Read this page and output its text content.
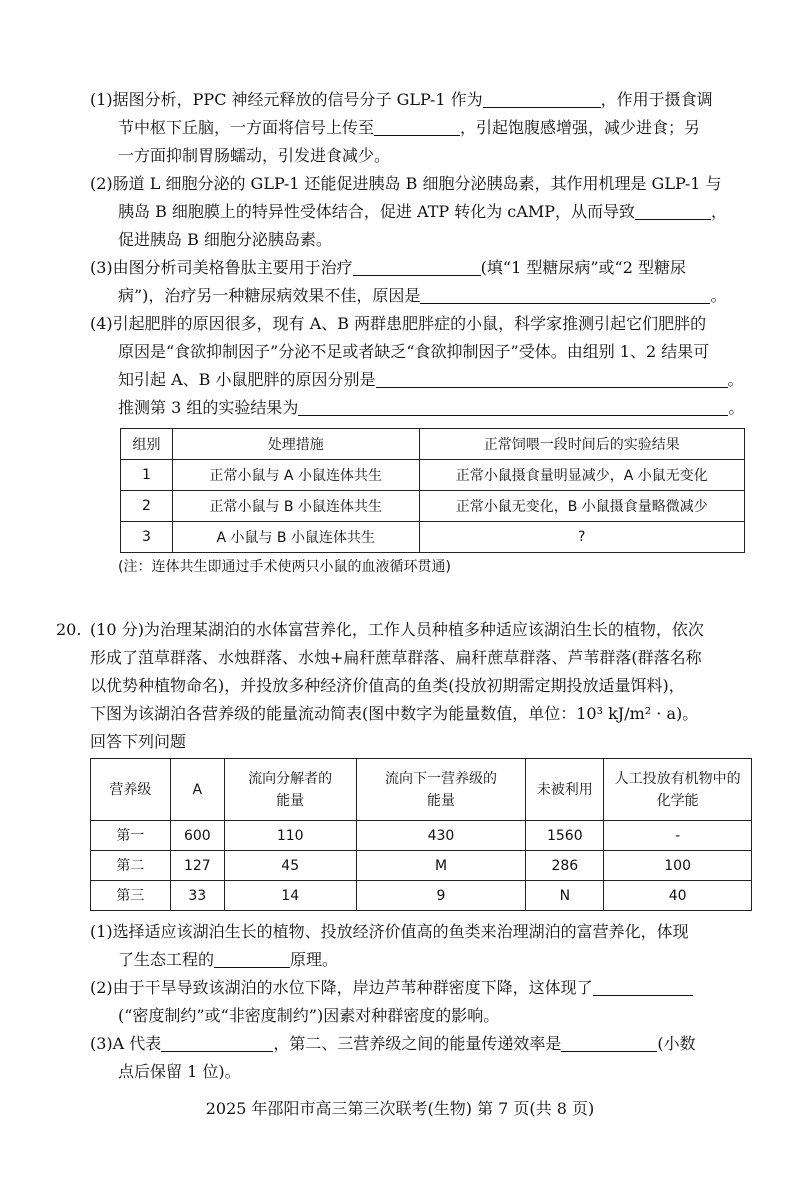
(1)据图分析，PPC 神经元释放的信号分子 GLP-1 作为	，作用于摄食调
节中枢下丘脑，一方面将信号上传至	，引起饱腹感增强，减少进食；另
一方面抑制胃肠蠕动，引发进食减少。
(2)肠道 L 细胞分泌的 GLP-1 还能促进胰岛 B 细胞分泌胰岛素，其作用机理是 GLP-1 与
胰岛 B 细胞膜上的特异性受体结合，促进 ATP 转化为 cAMP，从而导致	，
促进胰岛 B 细胞分泌胰岛素。
(3)由图分析司美格鲁肽主要用于治疗	(填“1 型糖尿病”或“2 型糖尿
病”)，治疗另一种糖尿病效果不佳，原因是	。
(4)引起肥胖的原因很多，现有 A、B 两群患肥胖症的小鼠，科学家推测引起它们肥胖的
原因是“食欲抑制因子”分泌不足或者缺乏“食欲抑制因子”受体。由组别 1、2 结果可
知引起 A、B 小鼠肥胖的原因分别是	。
推测第 3 组的实验结果为	。
组别	处理措施	正常饲喂一段时间后的实验结果
1	正常小鼠与 A 小鼠连体共生	正常小鼠摄食量明显减少，A 小鼠无变化
2	正常小鼠与 B 小鼠连体共生	正常小鼠无变化，B 小鼠摄食量略微减少
3	A 小鼠与 B 小鼠连体共生	?
(注：连体共生即通过手术使两只小鼠的血液循环贯通)
20. (10 分)为治理某湖泊的水体富营养化，工作人员种植多种适应该湖泊生长的植物，依次
形成了菹草群落、水烛群落、水烛+扁秆蔗草群落、扁秆蔗草群落、芦苇群落(群落名称
以优势种植物命名)，并投放多种经济价值高的鱼类(投放初期需定期投放适量饵料)，
下图为该湖泊各营养级的能量流动简表(图中数字为能量数值，单位：10³ kJ/m² · a)。
回答下列问题
营养级	A	流向分解者的能量	流向下一营养级的能量	未被利用	人工投放有机物中的化学能
第一	600	110	430	1560	-
第二	127	45	M	286	100
第三	33	14	9	N	40
(1)选择适应该湖泊生长的植物、投放经济价值高的鱼类来治理湖泊的富营养化，体现
了生态工程的	原理。
(2)由于干旱导致该湖泊的水位下降，岸边芦苇种群密度下降，这体现了
(“密度制约”或“非密度制约”)因素对种群密度的影响。
(3)A 代表	，第二、三营养级之间的能量传递效率是	(小数
点后保留 1 位)。
2025 年邵阳市高三第三次联考(生物) 第 7 页(共 8 页)
